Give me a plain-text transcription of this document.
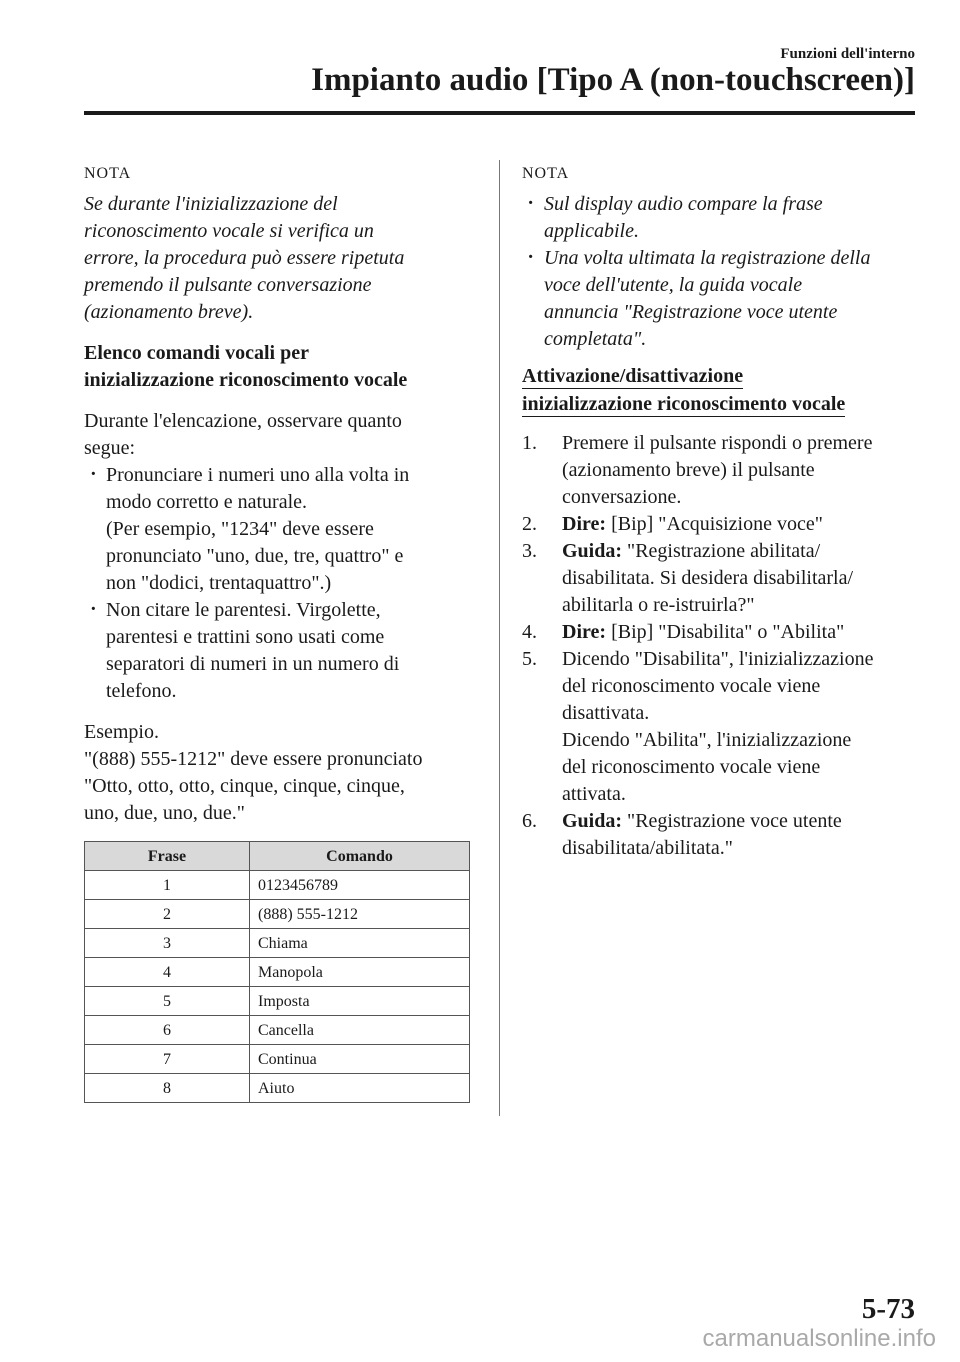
Funzioni dell'interno
Impianto audio [Tipo A (non-touchscreen)]
NOTA
Se durante l'inizializzazione del
riconoscimento vocale si verifica un
errore, la procedura può essere ripetuta
premendo il pulsante conversazione
(azionamento breve).

Elenco comandi vocali per
inizializzazione riconoscimento vocale

Durante l'elencazione, osservare quanto
segue:

· Pronunciare i numeri uno alla volta in
modo corretto e naturale.
(Per esempio, "1234" deve essere
pronunciato "uno, due, tre, quattro" e
non "dodici, trentaquattro".)
· Non citare le parentesi. Virgolette,
parentesi e trattini sono usati come
separatori di numeri in un numero di
telefono.

Esempio.
"(888) 555-1212" deve essere pronunciato
"Otto, otto, otto, cinque, cinque, cinque,
uno, due, uno, due."

Frase	Comando
1	0123456789
2	(888) 555-1212
3	Chiama
4	Manopola
5	Imposta
6	Cancella
7	Continua
8	Aiuto
NOTA
· Sul display audio compare la frase
applicabile.
· Una volta ultimata la registrazione della
voce dell'utente, la guida vocale
annuncia "Registrazione voce utente
completata".
Attivazione/disattivazione
inizializzazione riconoscimento vocale
1. Premere il pulsante rispondi o premere
(azionamento breve) il pulsante
conversazione.
2. Dire: [Bip] "Acquisizione voce"
3. Guida: "Registrazione abilitata/
disabilitata. Si desidera disabilitarla/
abilitarla o re-istruirla?"
4. Dire: [Bip] "Disabilita" o "Abilita"
5. Dicendo "Disabilita", l'inizializzazione
del riconoscimento vocale viene
disattivata.
Dicendo "Abilita", l'inizializzazione
del riconoscimento vocale viene
attivata.
6. Guida: "Registrazione voce utente
disabilitata/abilitata."
5-73
carmanualsonline.info
